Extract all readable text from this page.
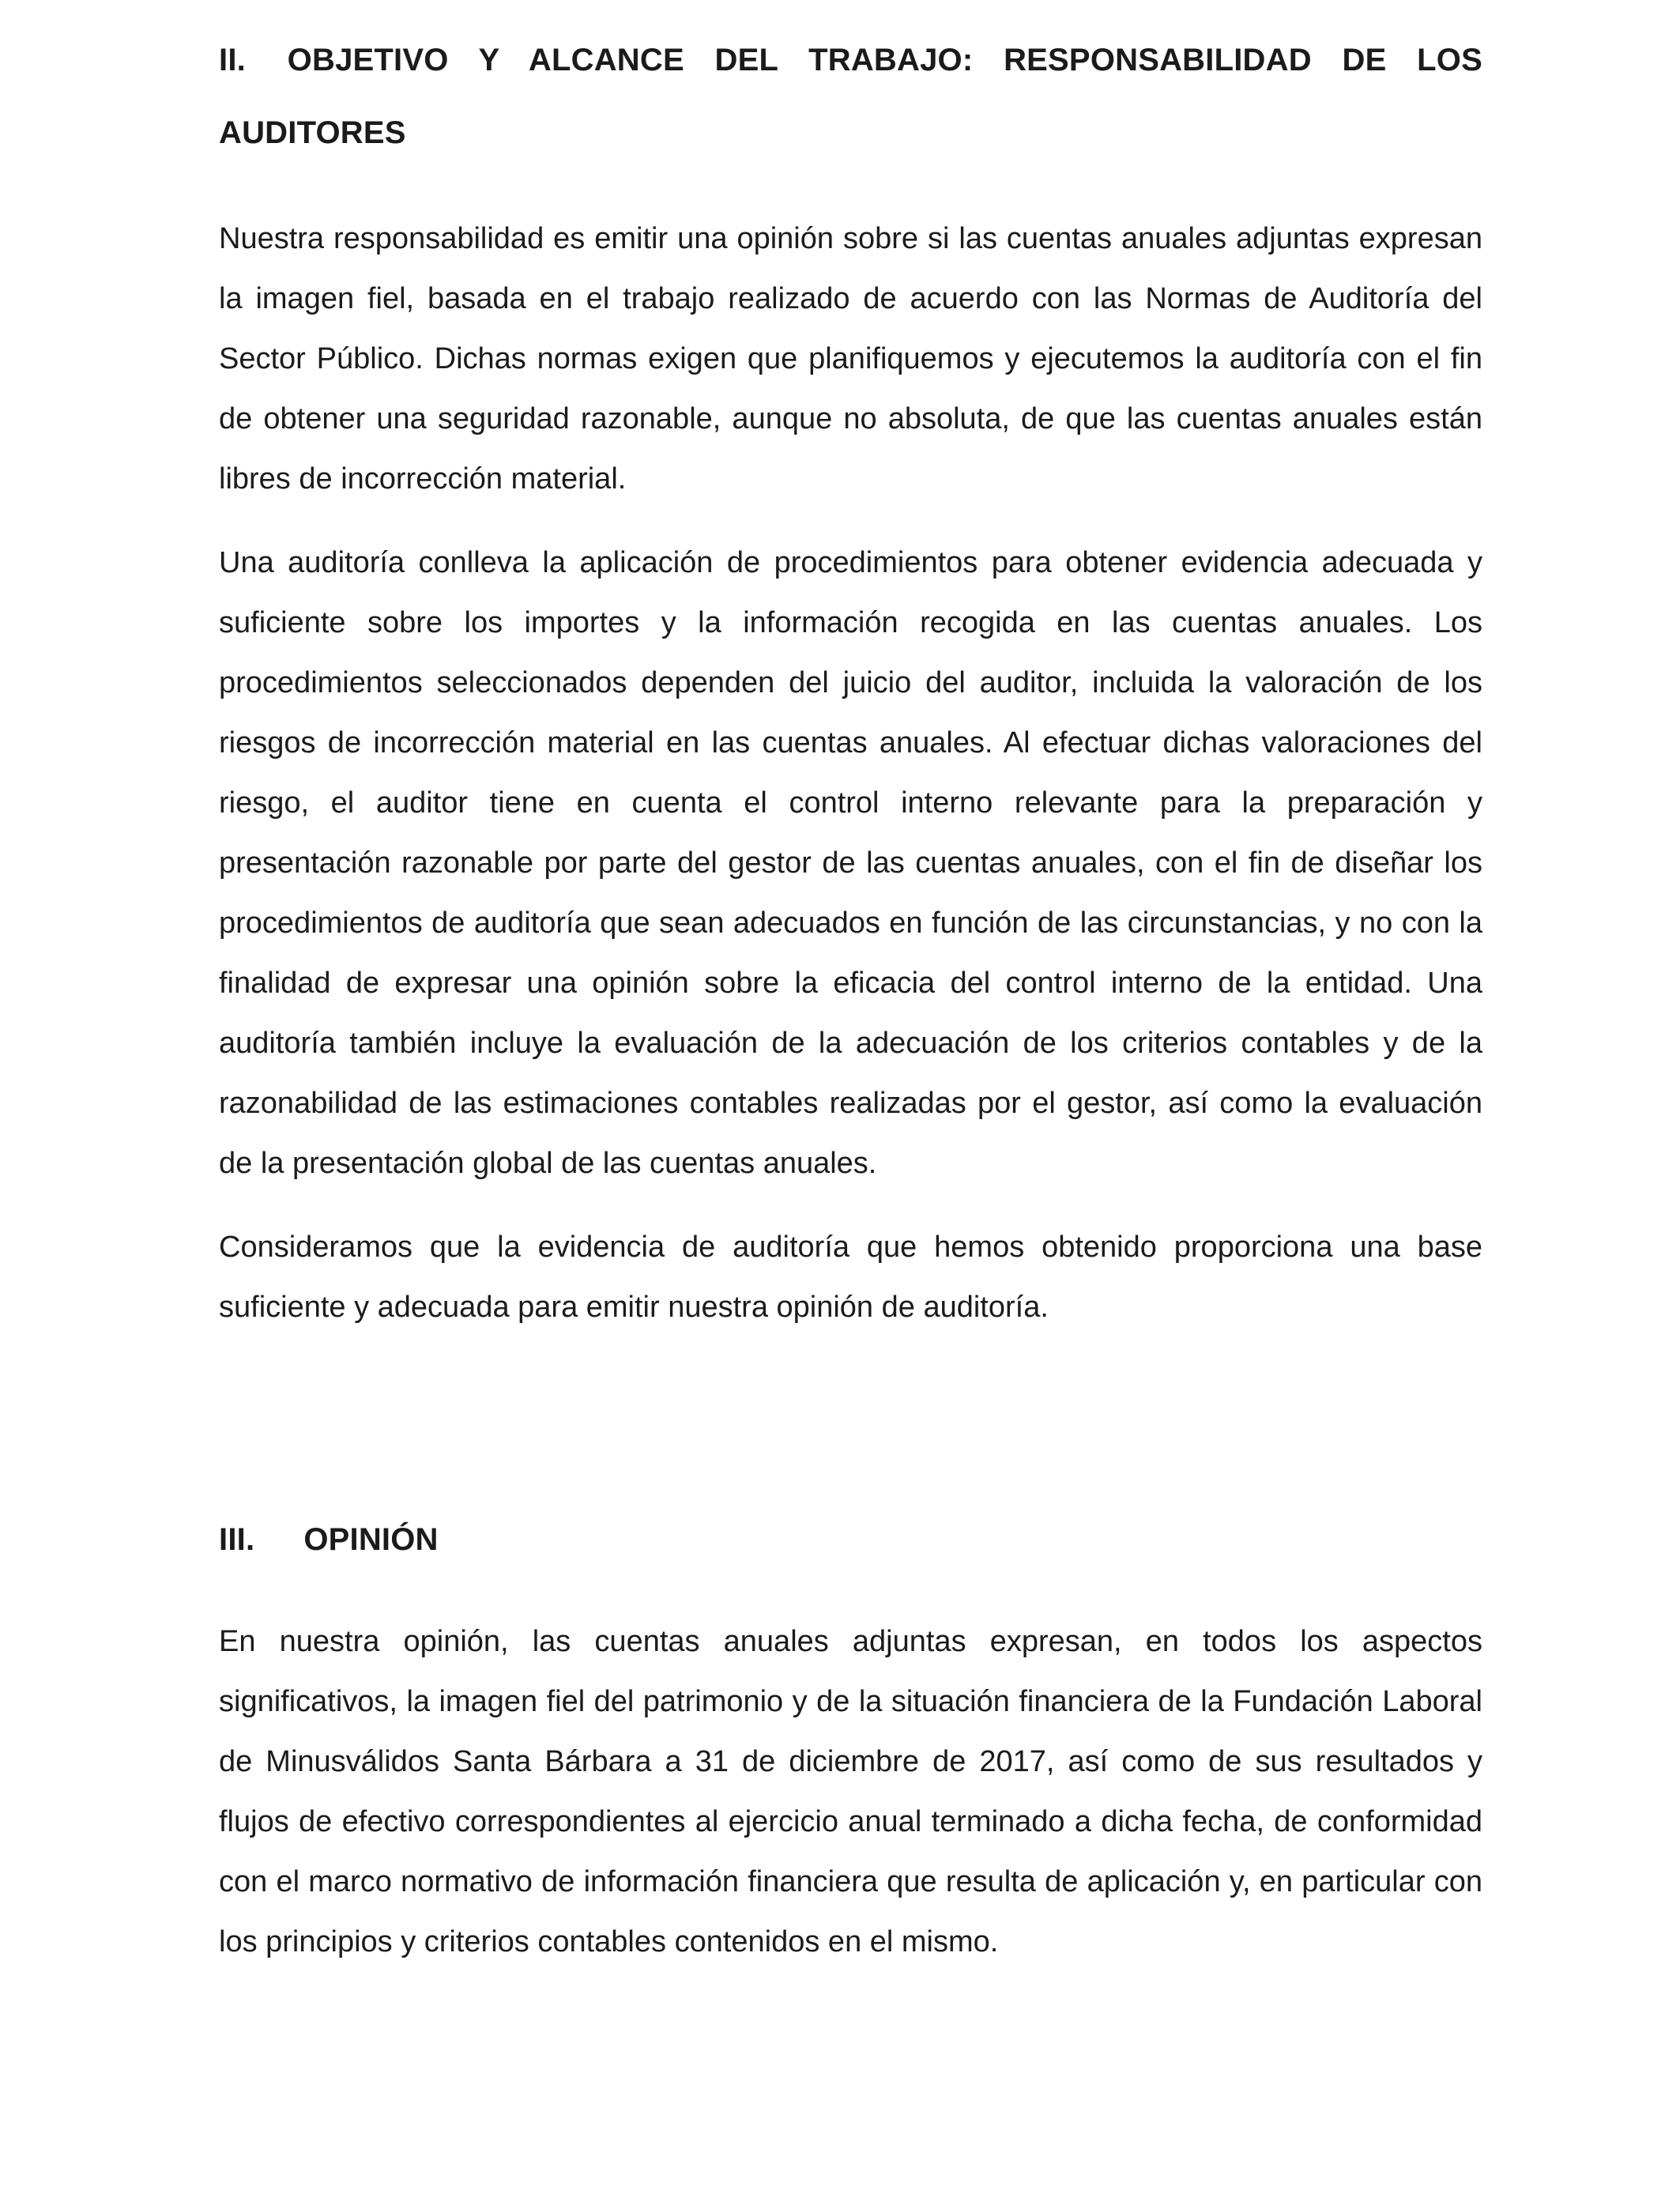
II. OBJETIVO Y ALCANCE DEL TRABAJO: RESPONSABILIDAD DE LOS AUDITORES

Nuestra responsabilidad es emitir una opinión sobre si las cuentas anuales adjuntas expresan la imagen fiel, basada en el trabajo realizado de acuerdo con las Normas de Auditoría del Sector Público. Dichas normas exigen que planifiquemos y ejecutemos la auditoría con el fin de obtener una seguridad razonable, aunque no absoluta, de que las cuentas anuales están libres de incorrección material.

Una auditoría conlleva la aplicación de procedimientos para obtener evidencia adecuada y suficiente sobre los importes y la información recogida en las cuentas anuales. Los procedimientos seleccionados dependen del juicio del auditor, incluida la valoración de los riesgos de incorrección material en las cuentas anuales. Al efectuar dichas valoraciones del riesgo, el auditor tiene en cuenta el control interno relevante para la preparación y presentación razonable por parte del gestor de las cuentas anuales, con el fin de diseñar los procedimientos de auditoría que sean adecuados en función de las circunstancias, y no con la finalidad de expresar una opinión sobre la eficacia del control interno de la entidad. Una auditoría también incluye la evaluación de la adecuación de los criterios contables y de la razonabilidad de las estimaciones contables realizadas por el gestor, así como la evaluación de la presentación global de las cuentas anuales.

Consideramos que la evidencia de auditoría que hemos obtenido proporciona una base suficiente y adecuada para emitir nuestra opinión de auditoría.

III. OPINIÓN

En nuestra opinión, las cuentas anuales adjuntas expresan, en todos los aspectos significativos, la imagen fiel del patrimonio y de la situación financiera de la Fundación Laboral de Minusválidos Santa Bárbara a 31 de diciembre de 2017, así como de sus resultados y flujos de efectivo correspondientes al ejercicio anual terminado a dicha fecha, de conformidad con el marco normativo de información financiera que resulta de aplicación y, en particular con los principios y criterios contables contenidos en el mismo.
